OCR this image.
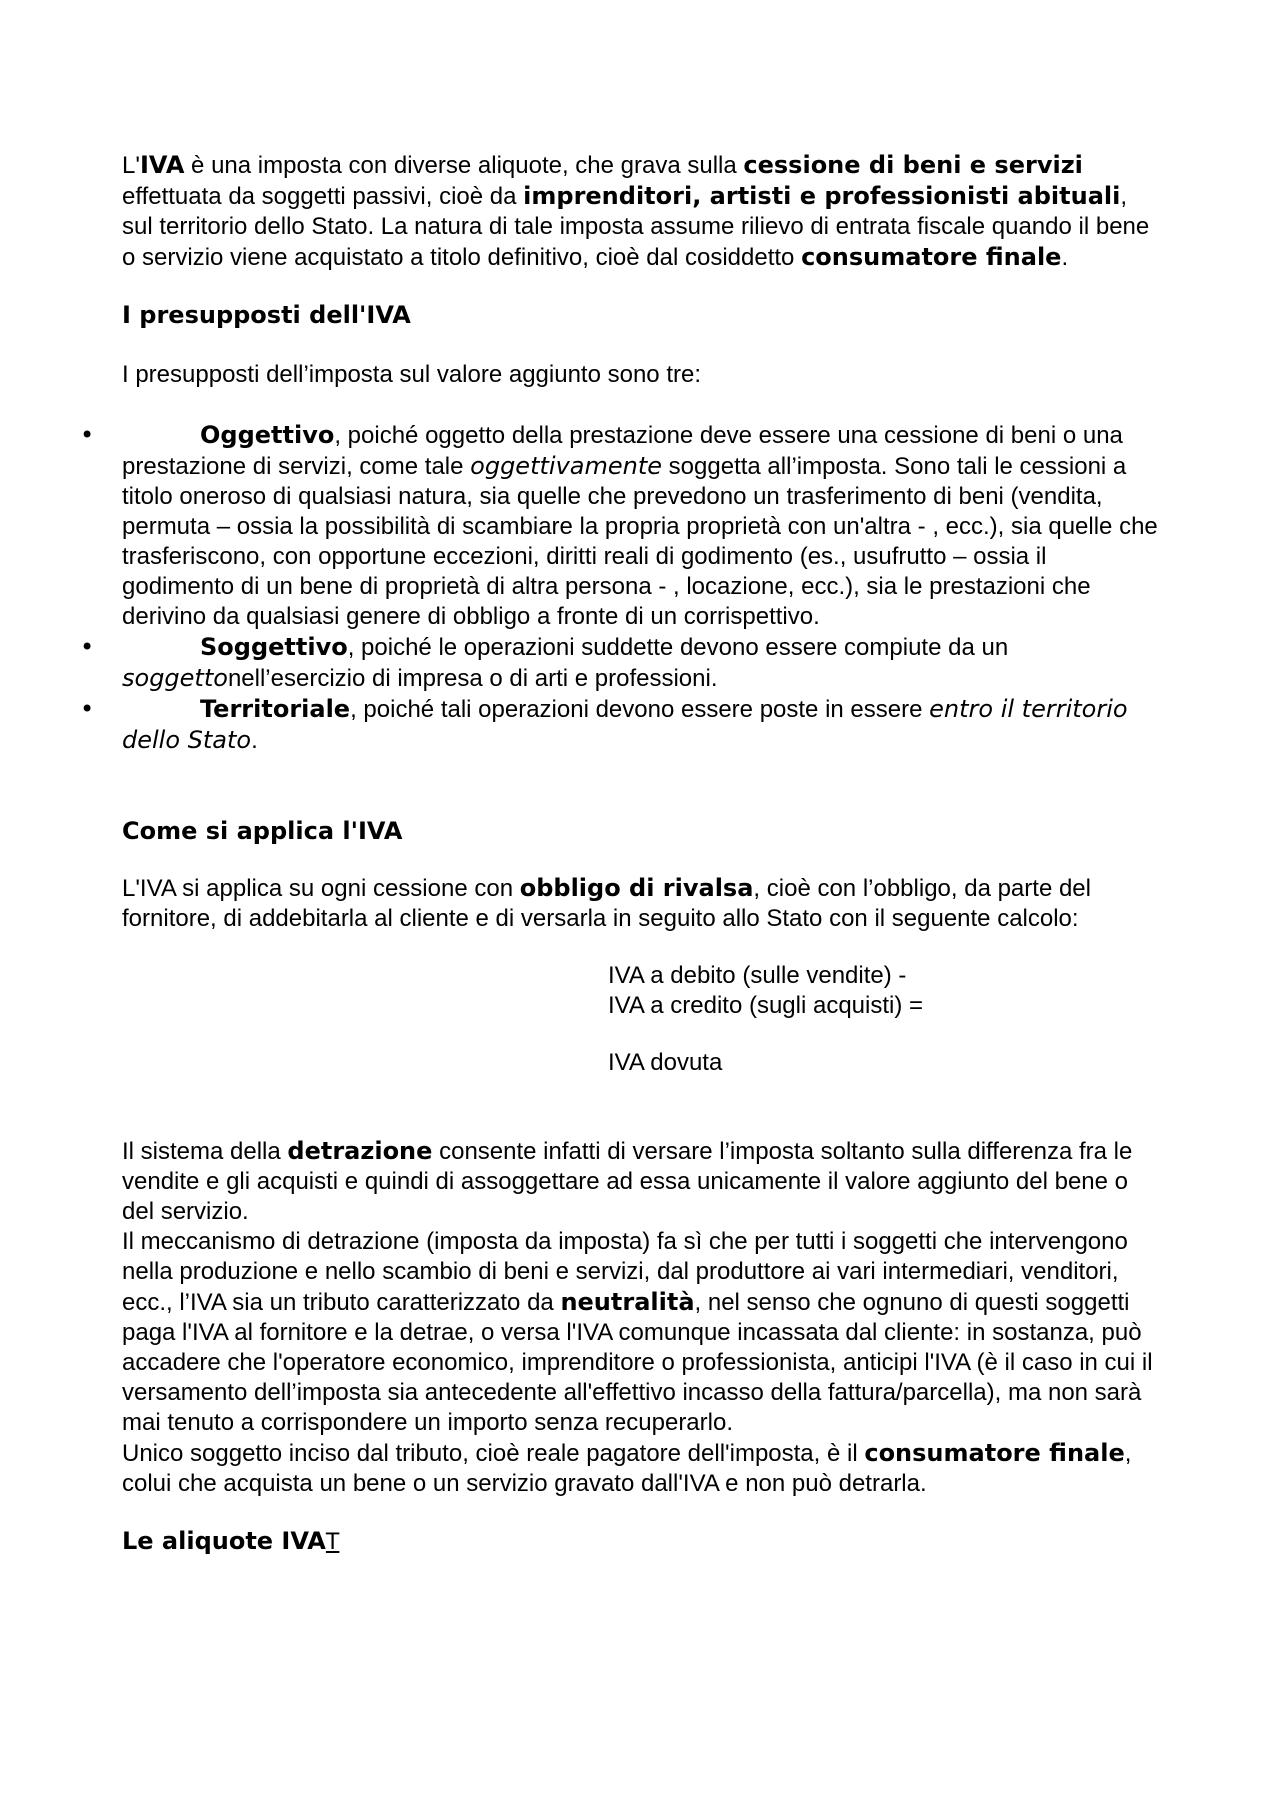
L'IVA è una imposta con diverse aliquote, che grava sulla cessione di beni e servizi effettuata da soggetti passivi, cioè da imprenditori, artisti e professionisti abituali, sul territorio dello Stato. La natura di tale imposta assume rilievo di entrata fiscale quando il bene o servizio viene acquistato a titolo definitivo, cioè dal cosiddetto consumatore finale.

I presupposti dell'IVA

I presupposti dell’imposta sul valore aggiunto sono tre:

•	Oggettivo, poiché oggetto della prestazione deve essere una cessione di beni o una prestazione di servizi, come tale oggettivamente soggetta all’imposta. Sono tali le cessioni a titolo oneroso di qualsiasi natura, sia quelle che prevedono un trasferimento di beni (vendita, permuta – ossia la possibilità di scambiare la propria proprietà con un'altra - , ecc.), sia quelle che trasferiscono, con opportune eccezioni, diritti reali di godimento (es., usufrutto – ossia il godimento di un bene di proprietà di altra persona - , locazione, ecc.), sia le prestazioni che derivino da qualsiasi genere di obbligo a fronte di un corrispettivo.
•	Soggettivo, poiché le operazioni suddette devono essere compiute da un soggettonell’esercizio di impresa o di arti e professioni.
•	Territoriale, poiché tali operazioni devono essere poste in essere entro il territorio dello Stato.

Come si applica l'IVA

L'IVA si applica su ogni cessione con obbligo di rivalsa, cioè con l’obbligo, da parte del fornitore, di addebitarla al cliente e di versarla in seguito allo Stato con il seguente calcolo:

IVA a debito (sulle vendite) -

IVA a credito (sugli acquisti) =

IVA dovuta

Il sistema della detrazione consente infatti di versare l’imposta soltanto sulla differenza fra le vendite e gli acquisti e quindi di assoggettare ad essa unicamente il valore aggiunto del bene o del servizio.

Il meccanismo di detrazione (imposta da imposta) fa sì che per tutti i soggetti che intervengono nella produzione e nello scambio di beni e servizi, dal produttore ai vari intermediari, venditori, ecc., l’IVA sia un tributo caratterizzato da neutralità, nel senso che ognuno di questi soggetti paga l'IVA al fornitore e la detrae, o versa l'IVA comunque incassata dal cliente: in sostanza, può accadere che l'operatore economico, imprenditore o professionista, anticipi l'IVA (è il caso in cui il versamento dell’imposta sia antecedente all'effettivo incasso della fattura/parcella), ma non sarà mai tenuto a corrispondere un importo senza recuperarlo.

Unico soggetto inciso dal tributo, cioè reale pagatore dell'imposta, è il consumatore finale, colui che acquista un bene o un servizio gravato dall'IVA e non può detrarla.

Le aliquote IVAT
